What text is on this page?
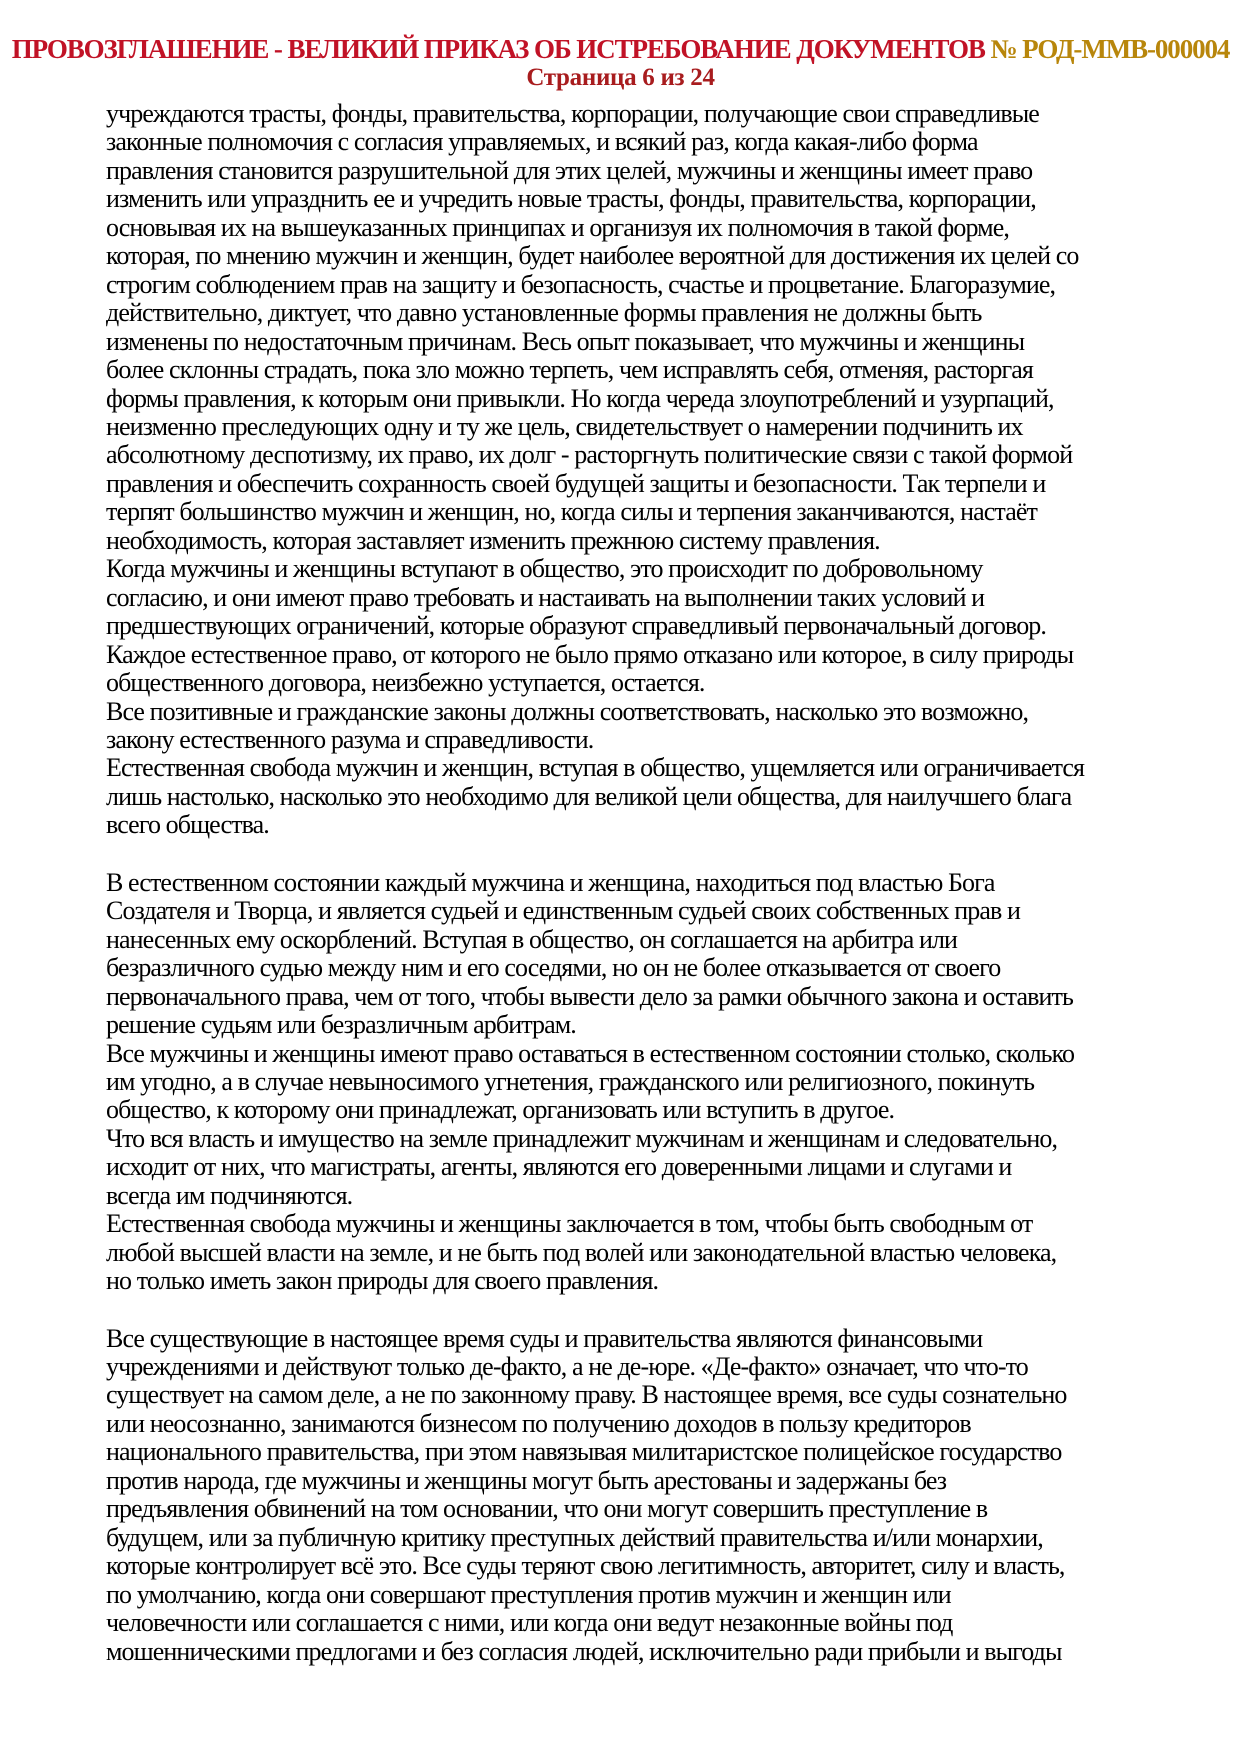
ПРОВОЗГЛАШЕНИЕ - ВЕЛИКИЙ ПРИКАЗ ОБ ИСТРЕБОВАНИЕ ДОКУМЕНТОВ № РОД-ММВ-000004
Страница 6 из 24
учреждаются трасты, фонды, правительства, корпорации, получающие свои справедливые
законные полномочия с согласия управляемых, и всякий раз, когда какая-либо форма
правления становится разрушительной для этих целей, мужчины и женщины имеет право
изменить или упразднить ее и учредить новые трасты, фонды, правительства, корпорации,
основывая их на вышеуказанных принципах и организуя их полномочия в такой форме,
которая, по мнению мужчин и женщин, будет наиболее вероятной для достижения их целей со
строгим соблюдением прав на защиту и безопасность, счастье и процветание. Благоразумие,
действительно, диктует, что давно установленные формы правления не должны быть
изменены по недостаточным причинам. Весь опыт показывает, что мужчины и женщины
более склонны страдать, пока зло можно терпеть, чем исправлять себя, отменяя, расторгая
формы правления, к которым они привыкли. Но когда череда злоупотреблений и узурпаций,
неизменно преследующих одну и ту же цель, свидетельствует о намерении подчинить их
абсолютному деспотизму, их право, их долг - расторгнуть политические связи с такой формой
правления и обеспечить сохранность своей будущей защиты и безопасности. Так терпели и
терпят большинство мужчин и женщин, но, когда силы и терпения заканчиваются, настаёт
необходимость, которая заставляет изменить прежнюю систему правления.
Когда мужчины и женщины вступают в общество, это происходит по добровольному
согласию, и они имеют право требовать и настаивать на выполнении таких условий и
предшествующих ограничений, которые образуют справедливый первоначальный договор.
Каждое естественное право, от которого не было прямо отказано или которое, в силу природы
общественного договора, неизбежно уступается, остается.
Все позитивные и гражданские законы должны соответствовать, насколько это возможно,
закону естественного разума и справедливости.
Естественная свобода мужчин и женщин, вступая в общество, ущемляется или ограничивается
лишь настолько, насколько это необходимо для великой цели общества, для наилучшего блага
всего общества.
В естественном состоянии каждый мужчина и женщина, находиться под властью Бога
Создателя и Творца, и является судьей и единственным судьей своих собственных прав и
нанесенных ему оскорблений. Вступая в общество, он соглашается на арбитра или
безразличного судью между ним и его соседями, но он не более отказывается от своего
первоначального права, чем от того, чтобы вывести дело за рамки обычного закона и оставить
решение судьям или безразличным арбитрам.
Все мужчины и женщины имеют право оставаться в естественном состоянии столько, сколько
им угодно, а в случае невыносимого угнетения, гражданского или религиозного, покинуть
общество, к которому они принадлежат, организовать или вступить в другое.
Что вся власть и имущество на земле принадлежит мужчинам и женщинам и следовательно,
исходит от них, что магистраты, агенты, являются его доверенными лицами и слугами и
всегда им подчиняются.
Естественная свобода мужчины и женщины заключается в том, чтобы быть свободным от
любой высшей власти на земле, и не быть под волей или законодательной властью человека,
но только иметь закон природы для своего правления.
Все существующие в настоящее время суды и правительства являются финансовыми
учреждениями и действуют только де-факто, а не де-юре. «Де-факто» означает, что что-то
существует на самом деле, а не по законному праву. В настоящее время, все суды сознательно
или неосознанно, занимаются бизнесом по получению доходов в пользу кредиторов
национального правительства, при этом навязывая милитаристское полицейское государство
против народа, где мужчины и женщины могут быть арестованы и задержаны без
предъявления обвинений на том основании, что они могут совершить преступление в
будущем, или за публичную критику преступных действий правительства и/или монархии,
которые контролирует всё это. Все суды теряют свою легитимность, авторитет, силу и власть,
по умолчанию, когда они совершают преступления против мужчин и женщин или
человечности или соглашается с ними, или когда они ведут незаконные войны под
мошенническими предлогами и без согласия людей, исключительно ради прибыли и выгоды
